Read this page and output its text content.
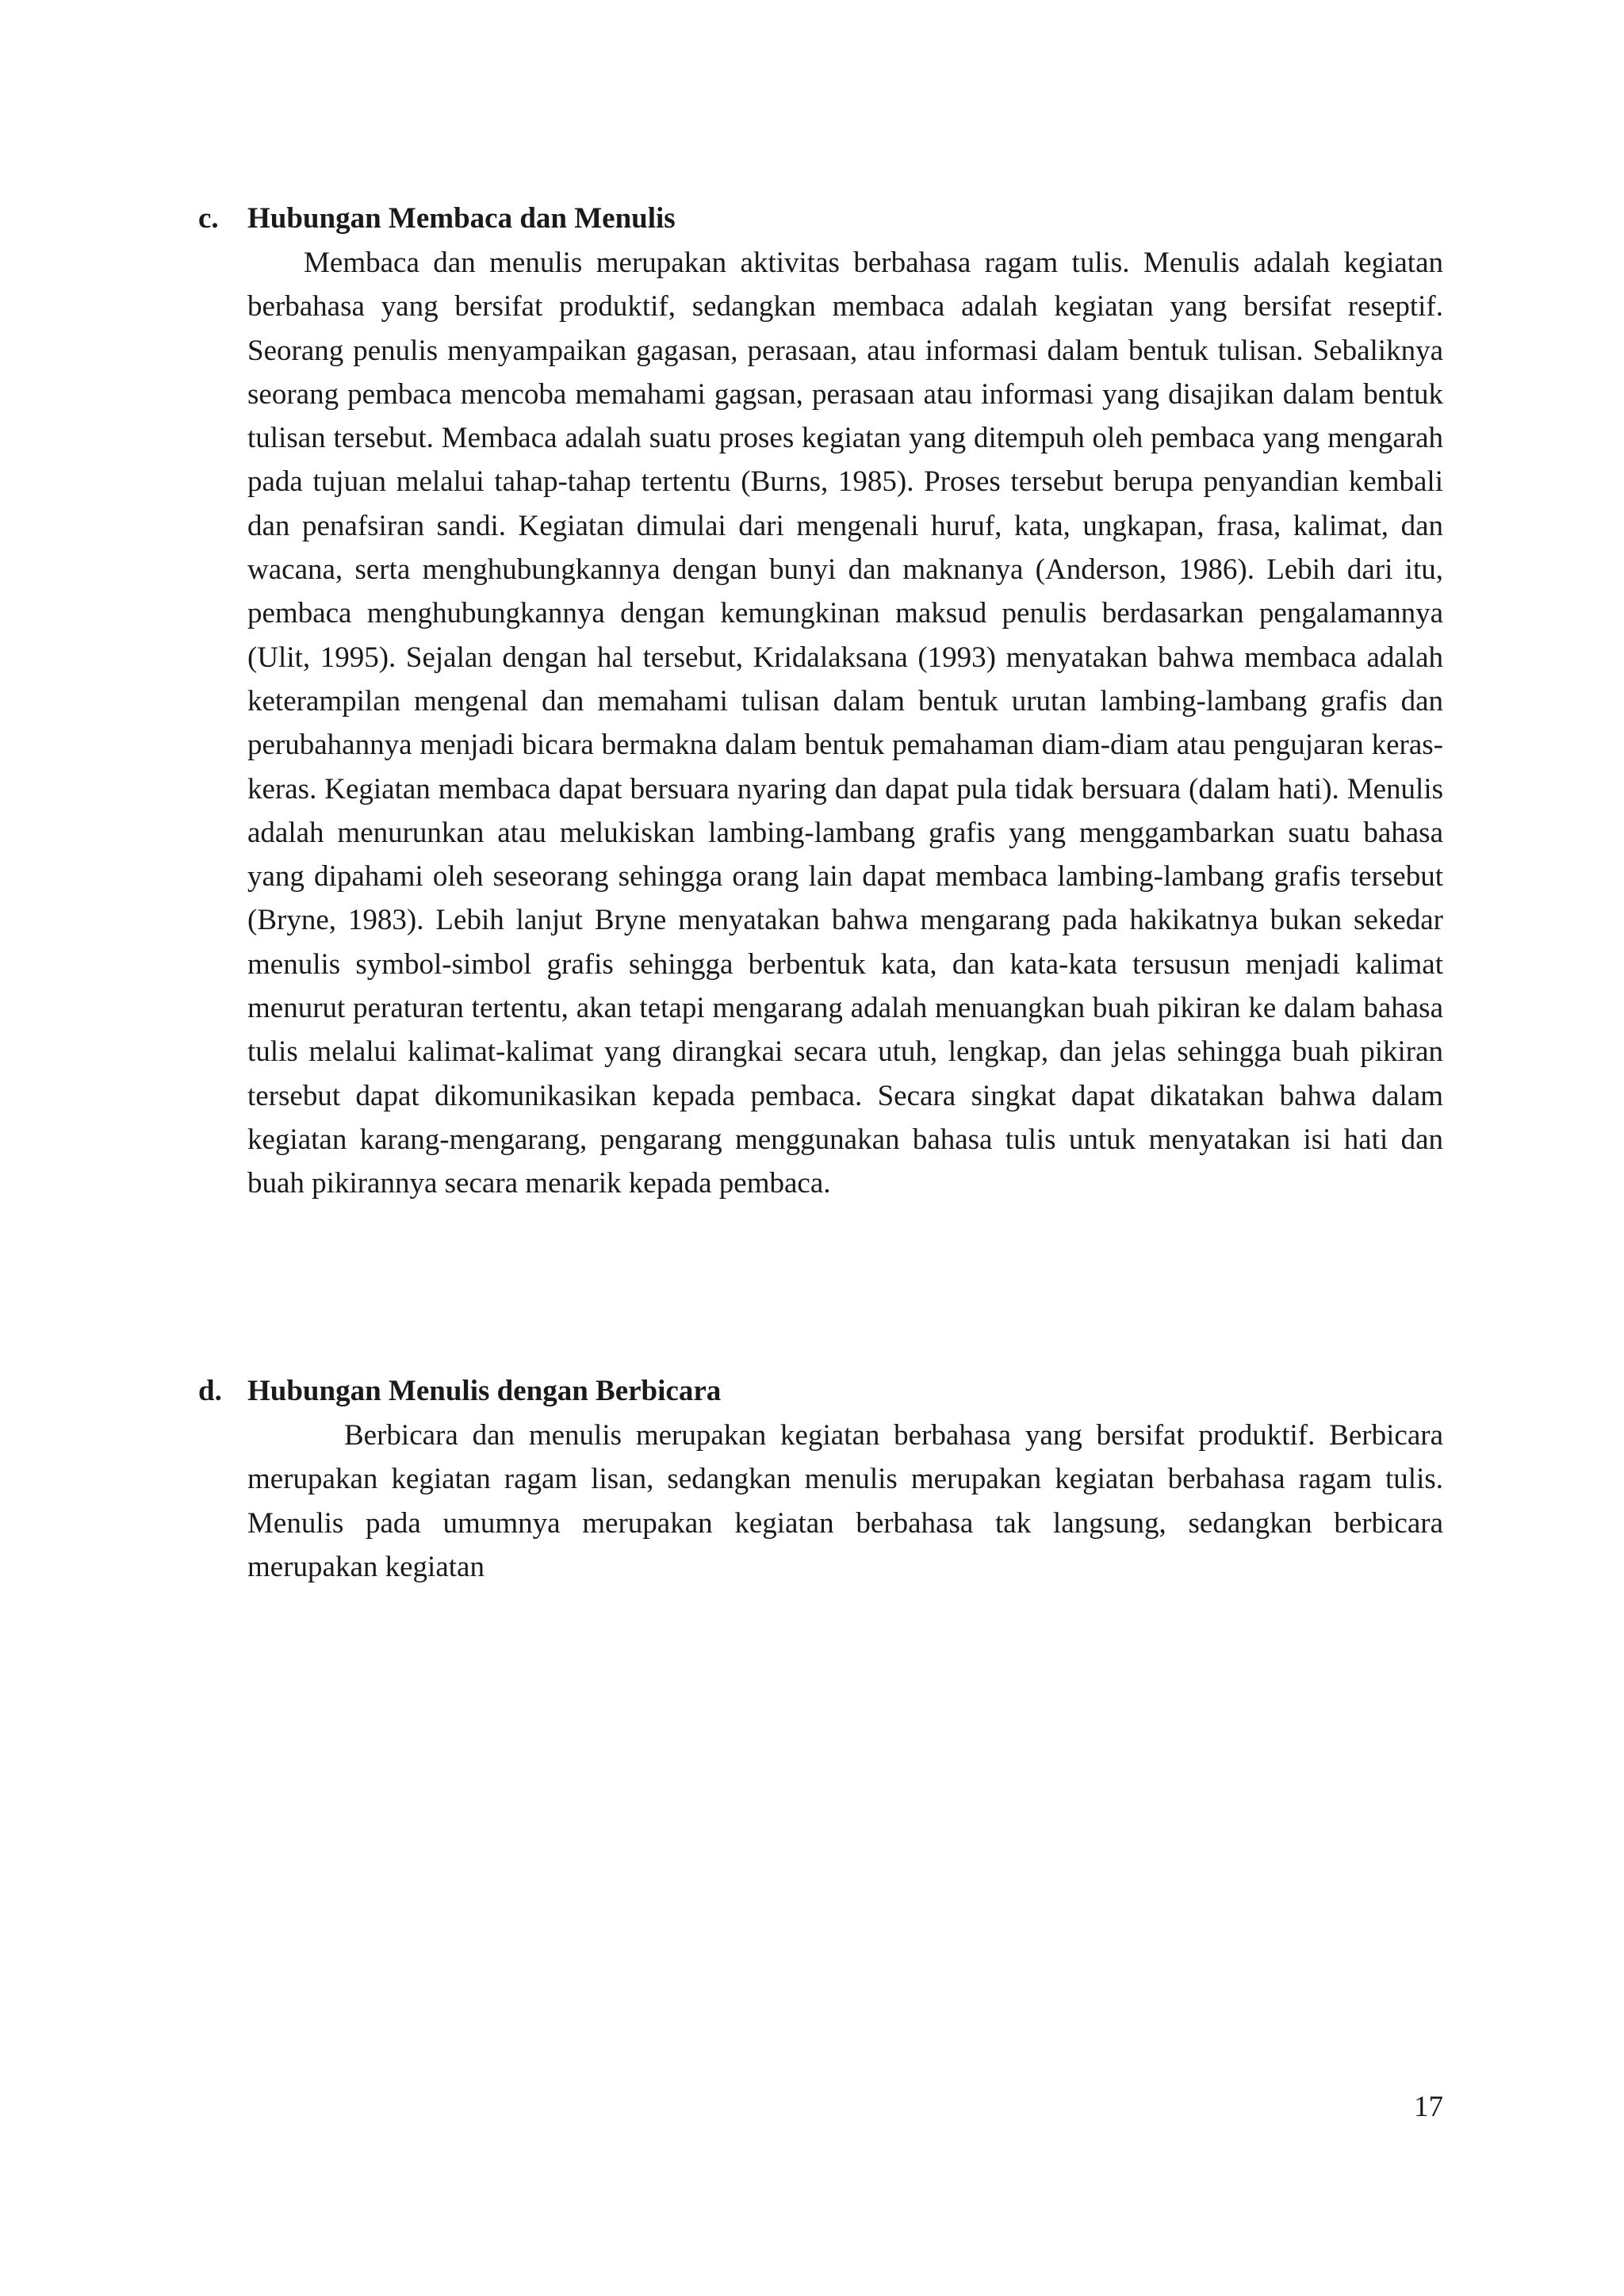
c. Hubungan Membaca dan Menulis

Membaca dan menulis merupakan aktivitas berbahasa ragam tulis. Menulis adalah kegiatan berbahasa yang bersifat produktif, sedangkan membaca adalah kegiatan yang bersifat reseptif. Seorang penulis menyampaikan gagasan, perasaan, atau informasi dalam bentuk tulisan. Sebaliknya seorang pembaca mencoba memahami gagsan, perasaan atau informasi yang disajikan dalam bentuk tulisan tersebut. Membaca adalah suatu proses kegiatan yang ditempuh oleh pembaca yang mengarah pada tujuan melalui tahap-tahap tertentu (Burns, 1985). Proses tersebut berupa penyandian kembali dan penafsiran sandi. Kegiatan dimulai dari mengenali huruf, kata, ungkapan, frasa, kalimat, dan wacana, serta menghubungkannya dengan bunyi dan maknanya (Anderson, 1986). Lebih dari itu, pembaca menghubungkannya dengan kemungkinan maksud penulis berdasarkan pengalamannya (Ulit, 1995). Sejalan dengan hal tersebut, Kridalaksana (1993) menyatakan bahwa membaca adalah keterampilan mengenal dan memahami tulisan dalam bentuk urutan lambing-lambang grafis dan perubahannya menjadi bicara bermakna dalam bentuk pemahaman diam-diam atau pengujaran keras-keras. Kegiatan membaca dapat bersuara nyaring dan dapat pula tidak bersuara (dalam hati). Menulis adalah menurunkan atau melukiskan lambing-lambang grafis yang menggambarkan suatu bahasa yang dipahami oleh seseorang sehingga orang lain dapat membaca lambing-lambang grafis tersebut (Bryne, 1983). Lebih lanjut Bryne menyatakan bahwa mengarang pada hakikatnya bukan sekedar menulis symbol-simbol grafis sehingga berbentuk kata, dan kata-kata tersusun menjadi kalimat menurut peraturan tertentu, akan tetapi mengarang adalah menuangkan buah pikiran ke dalam bahasa tulis melalui kalimat-kalimat yang dirangkai secara utuh, lengkap, dan jelas sehingga buah pikiran tersebut dapat dikomunikasikan kepada pembaca. Secara singkat dapat dikatakan bahwa dalam kegiatan karang-mengarang, pengarang menggunakan bahasa tulis untuk menyatakan isi hati dan buah pikirannya secara menarik kepada pembaca.

d. Hubungan Menulis dengan Berbicara

Berbicara dan menulis merupakan kegiatan berbahasa yang bersifat produktif. Berbicara merupakan kegiatan ragam lisan, sedangkan menulis merupakan kegiatan berbahasa ragam tulis. Menulis pada umumnya merupakan kegiatan berbahasa tak langsung, sedangkan berbicara merupakan kegiatan

17
